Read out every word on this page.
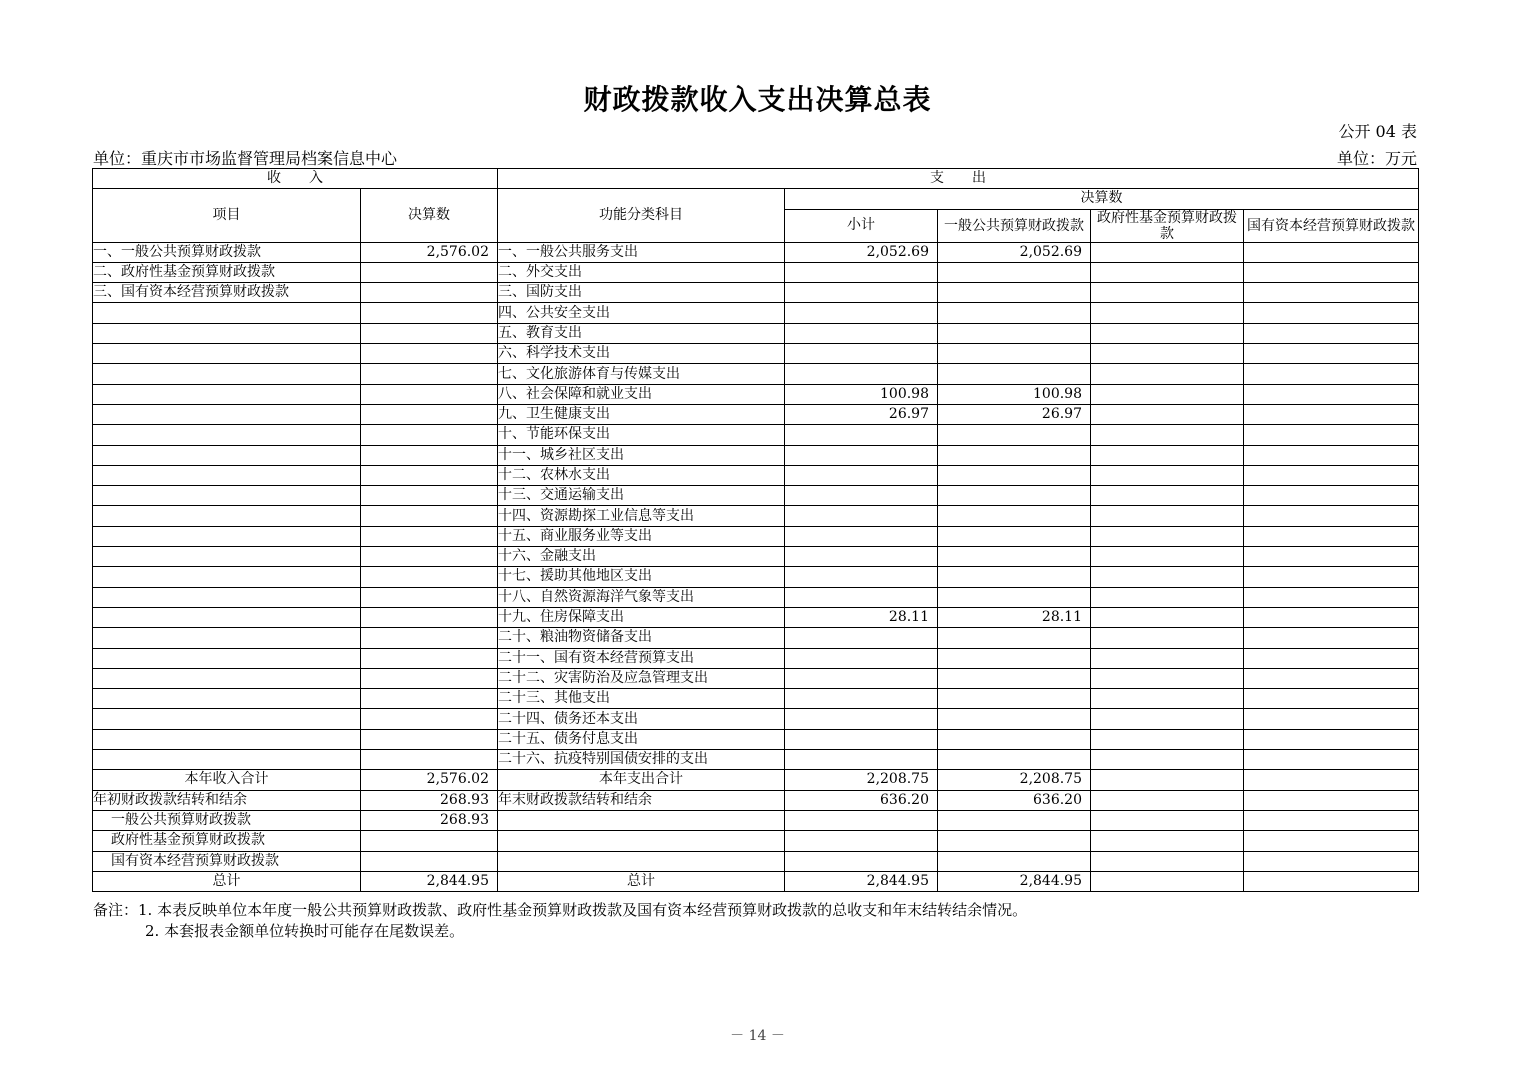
财政拨款收入支出决算总表
公开 04 表
单位：重庆市市场监督管理局档案信息中心	单位：万元
收　　入		支　　出				
项目	决算数	功能分类科目	决算数			
			小计	一般公共预算财政拨款	政府性基金预算财政拨款	国有资本经营预算财政拨款

一、一般公共预算财政拨款	2,576.02	一、一般公共服务支出	2,052.69	2,052.69		
二、政府性基金预算财政拨款		二、外交支出				
三、国有资本经营预算财政拨款		三、国防支出				
		四、公共安全支出				
		五、教育支出				
		六、科学技术支出				
		七、文化旅游体育与传媒支出				
		八、社会保障和就业支出	100.98	100.98		
		九、卫生健康支出	26.97	26.97		
		十、节能环保支出				
		十一、城乡社区支出				
		十二、农林水支出				
		十三、交通运输支出				
		十四、资源勘探工业信息等支出				
		十五、商业服务业等支出				
		十六、金融支出				
		十七、援助其他地区支出				
		十八、自然资源海洋气象等支出				
		十九、住房保障支出	28.11	28.11		
		二十、粮油物资储备支出				
		二十一、国有资本经营预算支出				
		二十二、灾害防治及应急管理支出				
		二十三、其他支出				
		二十四、债务还本支出				
		二十五、债务付息支出				
		二十六、抗疫特别国债安排的支出				
本年收入合计	2,576.02	本年支出合计	2,208.75	2,208.75		
年初财政拨款结转和结余	268.93	年末财政拨款结转和结余	636.20	636.20		
一般公共预算财政拨款	268.93					
政府性基金预算财政拨款						
国有资本经营预算财政拨款						
总计	2,844.95	总计	2,844.95	2,844.95		
备注：1. 本表反映单位本年度一般公共预算财政拨款、政府性基金预算财政拨款及国有资本经营预算财政拨款的总收支和年末结转结余情况。
2. 本套报表金额单位转换时可能存在尾数误差。
－ 14 －
